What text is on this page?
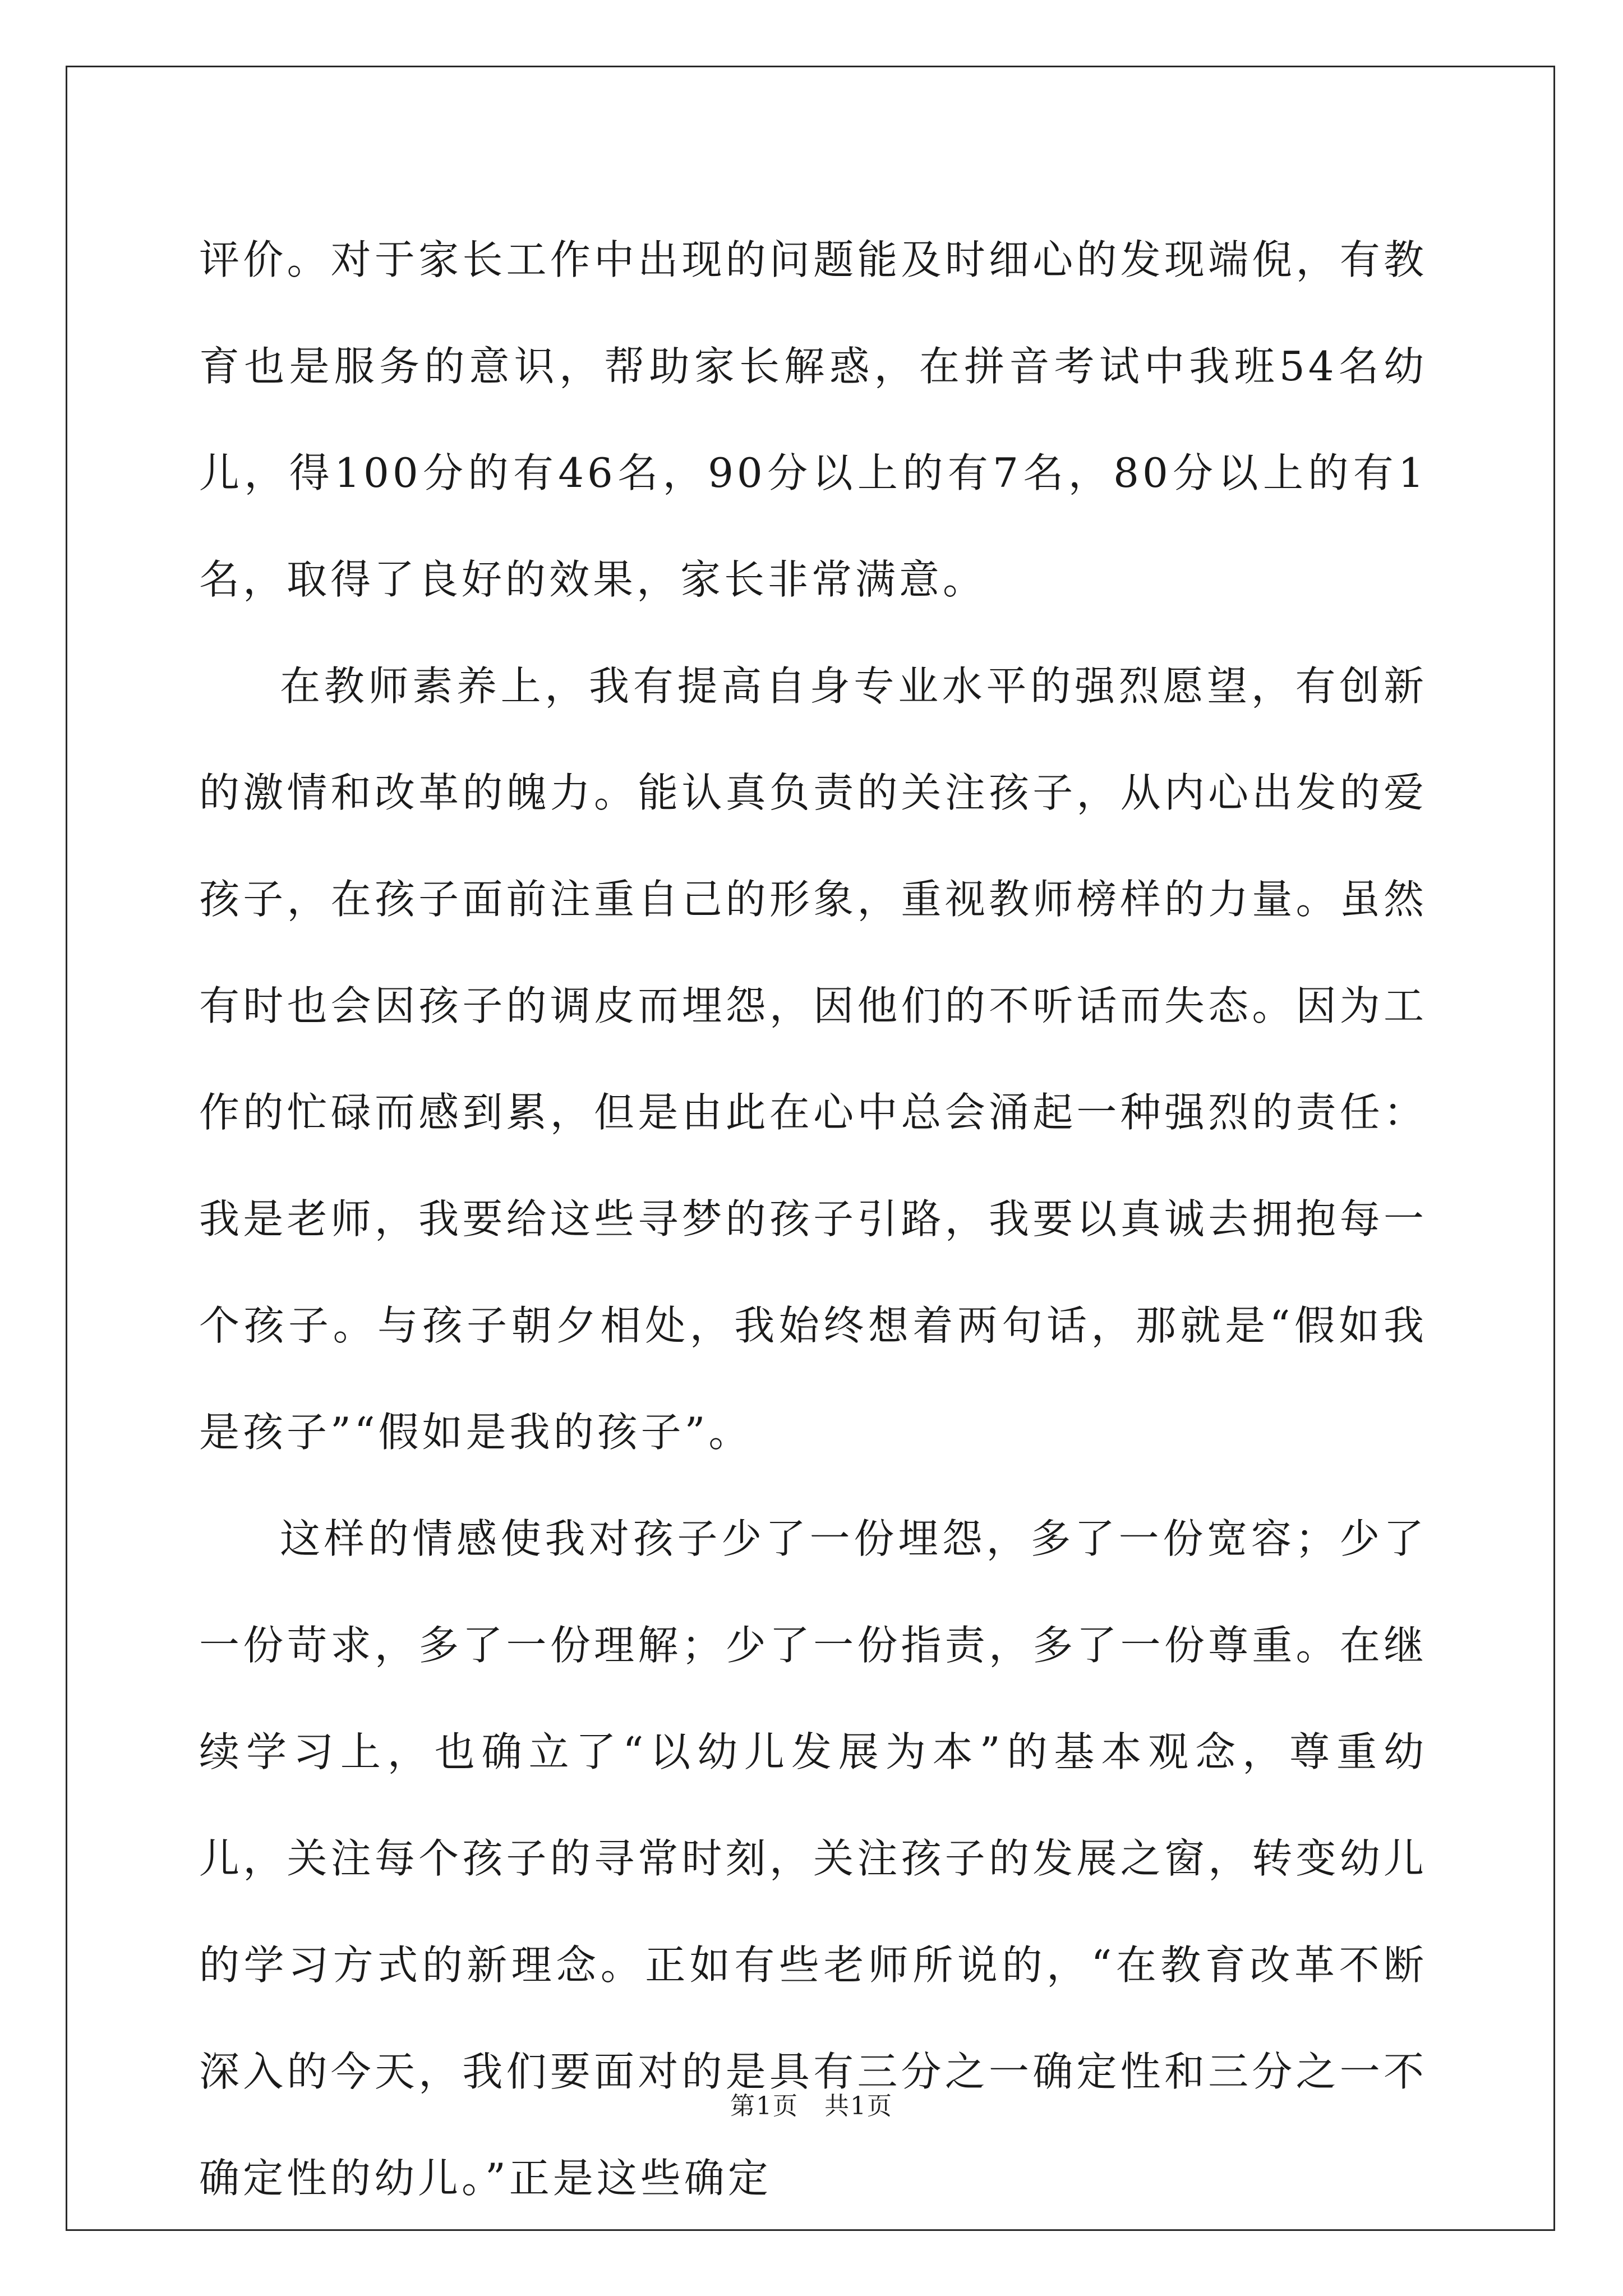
评价。对于家长工作中出现的问题能及时细心的发现端倪，有教育也是服务的意识，帮助家长解惑，在拼音考试中我班54名幼儿，得100分的有46名，90分以上的有7名，80分以上的有1名，取得了良好的效果，家长非常满意。

在教师素养上，我有提高自身专业水平的强烈愿望，有创新的激情和改革的魄力。能认真负责的关注孩子，从内心出发的爱孩子，在孩子面前注重自己的形象，重视教师榜样的力量。虽然有时也会因孩子的调皮而埋怨，因他们的不听话而失态。因为工作的忙碌而感到累，但是由此在心中总会涌起一种强烈的责任：我是老师，我要给这些寻梦的孩子引路，我要以真诚去拥抱每一个孩子。与孩子朝夕相处，我始终想着两句话，那就是“假如我是孩子”“假如是我的孩子”。

这样的情感使我对孩子少了一份埋怨，多了一份宽容；少了一份苛求，多了一份理解；少了一份指责，多了一份尊重。在继续学习上，也确立了“以幼儿发展为本”的基本观念，尊重幼儿，关注每个孩子的寻常时刻，关注孩子的发展之窗，转变幼儿的学习方式的新理念。正如有些老师所说的，“在教育改革不断深入的今天，我们要面对的是具有三分之一确定性和三分之一不确定性的幼儿。”正是这些确定

第1页　共1页
